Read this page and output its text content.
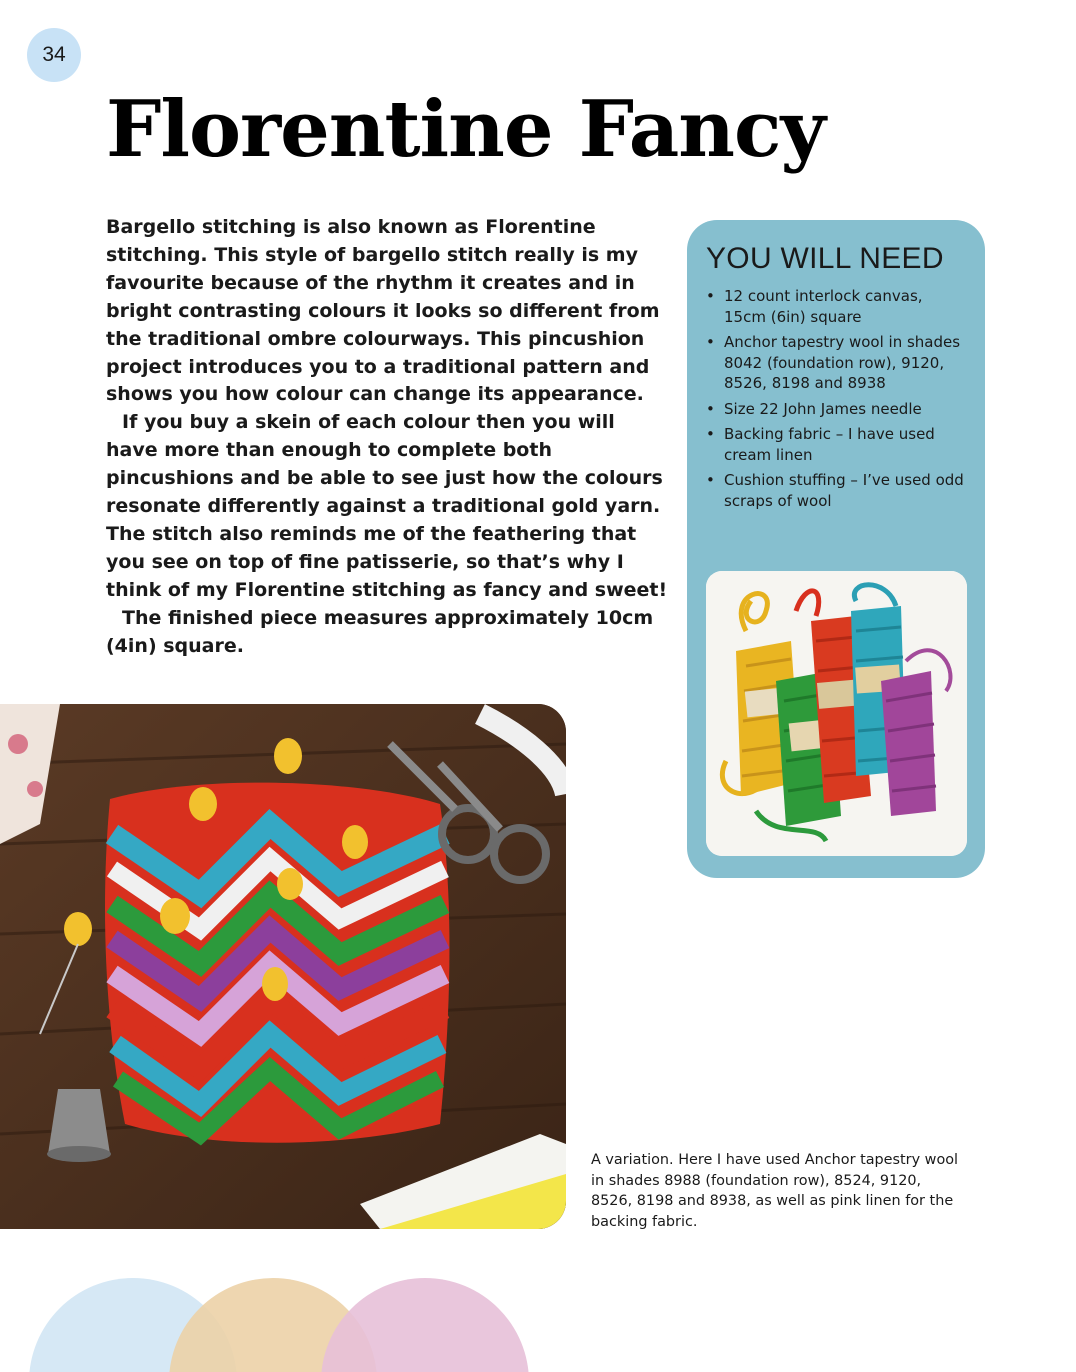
34
Florentine Fancy

Bargello stitching is also known as Florentine stitching. This style of bargello stitch really is my favourite because of the rhythm it creates and in bright contrasting colours it looks so different from the traditional ombre colourways. This pincushion project introduces you to a traditional pattern and shows you how colour can change its appearance.

If you buy a skein of each colour then you will have more than enough to complete both pincushions and be able to see just how the colours resonate differently against a traditional gold yarn. The stitch also reminds me of the feathering that you see on top of fine patisserie, so that’s why I think of my Florentine stitching as fancy and sweet!

The finished piece measures approximately 10cm (4in) square.

YOU WILL NEED
• 12 count interlock canvas, 15cm (6in) square
• Anchor tapestry wool in shades 8042 (foundation row), 9120, 8526, 8198 and 8938
• Size 22 John James needle
• Backing fabric – I have used cream linen
• Cushion stuffing – I’ve used odd scraps of wool
A variation. Here I have used Anchor tapestry wool in shades 8988 (foundation row), 8524, 9120, 8526, 8198 and 8938, as well as pink linen for the backing fabric.
